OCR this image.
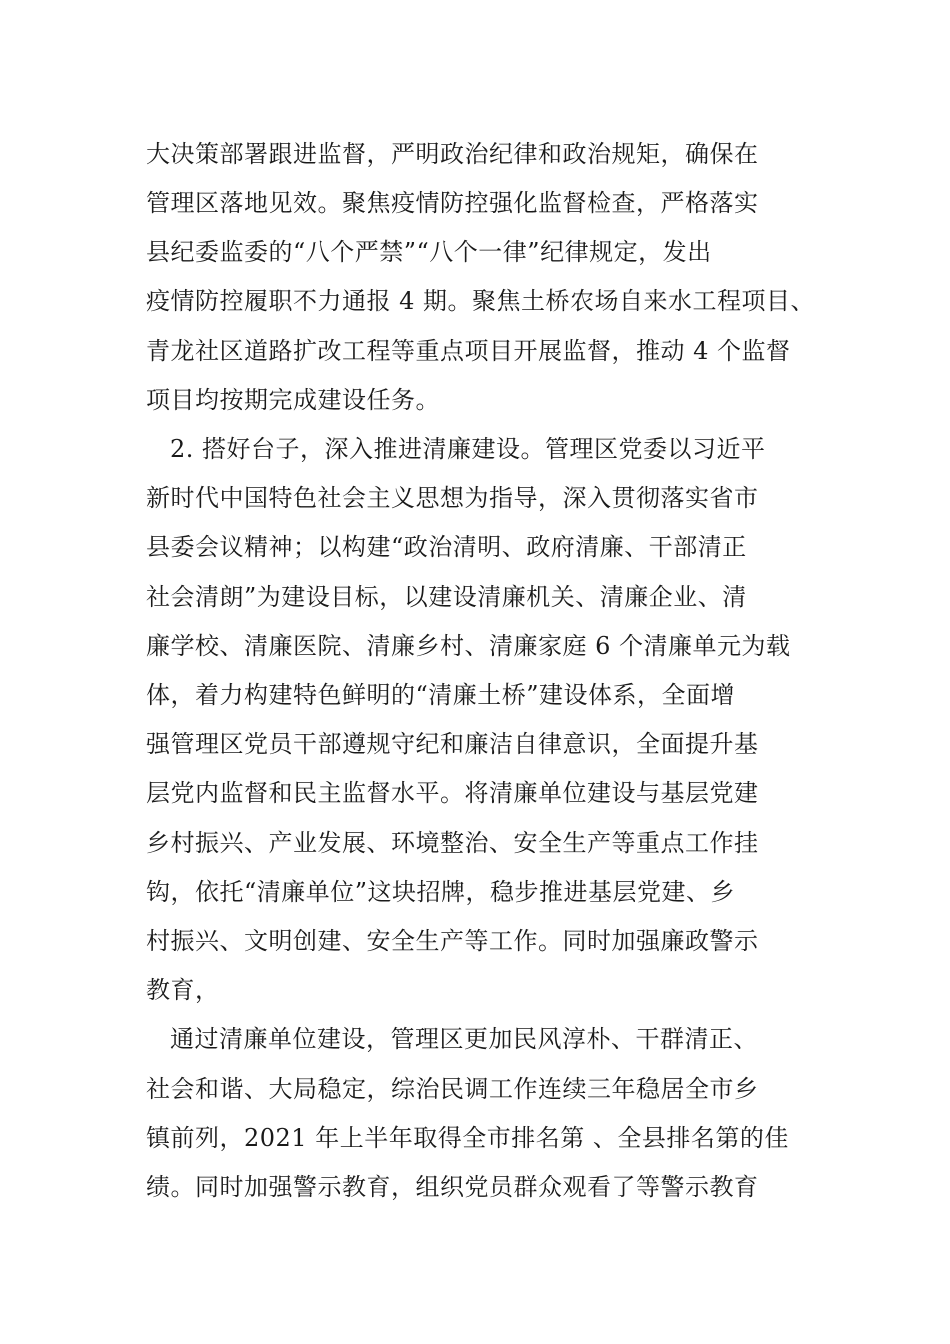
大决策部署跟进监督，严明政治纪律和政治规矩，确保在

管理区落地见效。聚焦疫情防控强化监督检查，严格落实

县纪委监委的“八个严禁”“八个一律”纪律规定，发出

疫情防控履职不力通报 4 期。聚焦土桥农场自来水工程项目、

青龙社区道路扩改工程等重点项目开展监督，推动 4 个监督

项目均按期完成建设任务。

2. 搭好台子，深入推进清廉建设。管理区党委以习近平

新时代中国特色社会主义思想为指导，深入贯彻落实省市

县委会议精神；以构建“政治清明、政府清廉、干部清正

社会清朗”为建设目标，以建设清廉机关、清廉企业、清

廉学校、清廉医院、清廉乡村、清廉家庭 6 个清廉单元为载

体，着力构建特色鲜明的“清廉土桥”建设体系，全面增

强管理区党员干部遵规守纪和廉洁自律意识，全面提升基

层党内监督和民主监督水平。将清廉单位建设与基层党建

乡村振兴、产业发展、环境整治、安全生产等重点工作挂

钩，依托“清廉单位”这块招牌，稳步推进基层党建、乡

村振兴、文明创建、安全生产等工作。同时加强廉政警示

教育，

通过清廉单位建设，管理区更加民风淳朴、干群清正、

社会和谐、大局稳定，综治民调工作连续三年稳居全市乡

镇前列，2021 年上半年取得全市排名第 、全县排名第的佳

绩。同时加强警示教育，组织党员群众观看了等警示教育
